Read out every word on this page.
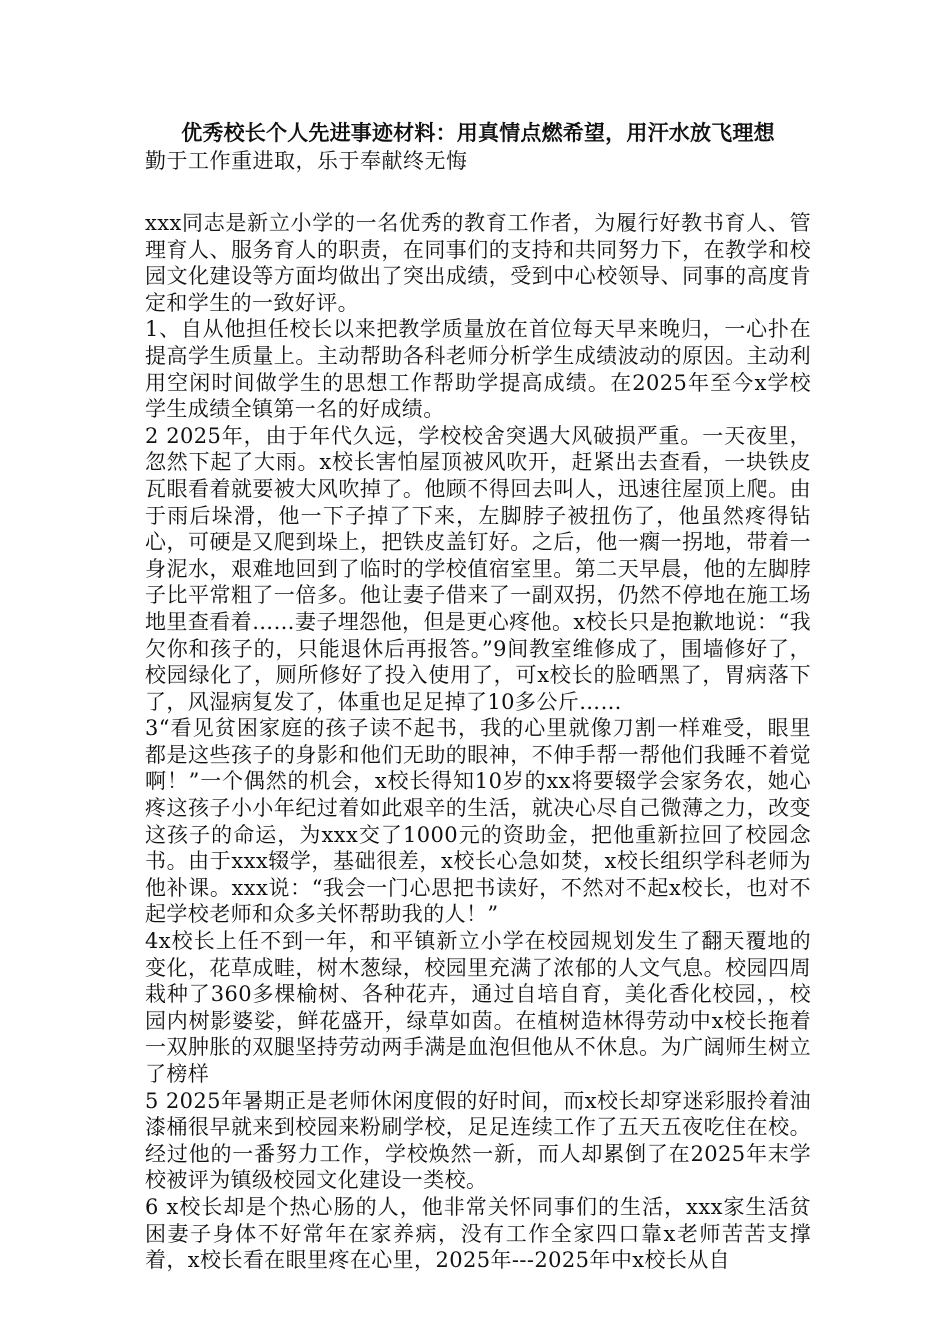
优秀校长个人先进事迹材料：用真情点燃希望，用汗水放飞理想

勤于工作重进取，乐于奉献终无悔

xxx同志是新立小学的一名优秀的教育工作者，为履行好教书育人、管理育人、服务育人的职责，在同事们的支持和共同努力下，在教学和校园文化建设等方面均做出了突出成绩，受到中心校领导、同事的高度肯定和学生的一致好评。

1、自从他担任校长以来把教学质量放在首位每天早来晚归，一心扑在提高学生质量上。主动帮助各科老师分析学生成绩波动的原因。主动利用空闲时间做学生的思想工作帮助学提高成绩。在2025年至今x学校学生成绩全镇第一名的好成绩。

2 2025年，由于年代久远，学校校舍突遇大风破损严重。一天夜里，忽然下起了大雨。x校长害怕屋顶被风吹开，赶紧出去查看，一块铁皮瓦眼看着就要被大风吹掉了。他顾不得回去叫人，迅速往屋顶上爬。由于雨后垛滑，他一下子掉了下来，左脚脖子被扭伤了，他虽然疼得钻心，可硬是又爬到垛上，把铁皮盖钉好。之后，他一瘸一拐地，带着一身泥水，艰难地回到了临时的学校值宿室里。第二天早晨，他的左脚脖子比平常粗了一倍多。他让妻子借来了一副双拐，仍然不停地在施工场地里查看着……妻子埋怨他，但是更心疼他。x校长只是抱歉地说：“我欠你和孩子的，只能退休后再报答。”9间教室维修成了，围墙修好了，校园绿化了，厕所修好了投入使用了，可x校长的脸晒黑了，胃病落下了，风湿病复发了，体重也足足掉了10多公斤……

3“看见贫困家庭的孩子读不起书，我的心里就像刀割一样难受，眼里都是这些孩子的身影和他们无助的眼神，不伸手帮一帮他们我睡不着觉啊！”一个偶然的机会，x校长得知10岁的xx将要辍学会家务农，她心疼这孩子小小年纪过着如此艰辛的生活，就决心尽自己微薄之力，改变这孩子的命运，为xxx交了1000元的资助金，把他重新拉回了校园念书。由于xxx辍学，基础很差，x校长心急如焚，x校长组织学科老师为他补课。xxx说：“我会一门心思把书读好，不然对不起x校长，也对不起学校老师和众多关怀帮助我的人！”

4x校长上任不到一年，和平镇新立小学在校园规划发生了翻天覆地的变化，花草成畦，树木葱绿，校园里充满了浓郁的人文气息。校园四周栽种了360多棵榆树、各种花卉，通过自培自育，美化香化校园，，校园内树影婆娑，鲜花盛开，绿草如茵。在植树造林得劳动中x校长拖着一双肿胀的双腿坚持劳动两手满是血泡但他从不休息。为广阔师生树立了榜样

5 2025年暑期正是老师休闲度假的好时间，而x校长却穿迷彩服拎着油漆桶很早就来到校园来粉刷学校，足足连续工作了五天五夜吃住在校。经过他的一番努力工作，学校焕然一新，而人却累倒了在2025年末学校被评为镇级校园文化建设一类校。

6 x校长却是个热心肠的人，他非常关怀同事们的生活，xxx家生活贫困妻子身体不好常年在家养病，没有工作全家四口靠x老师苦苦支撑着，x校长看在眼里疼在心里，2025年---2025年中x校长从自
